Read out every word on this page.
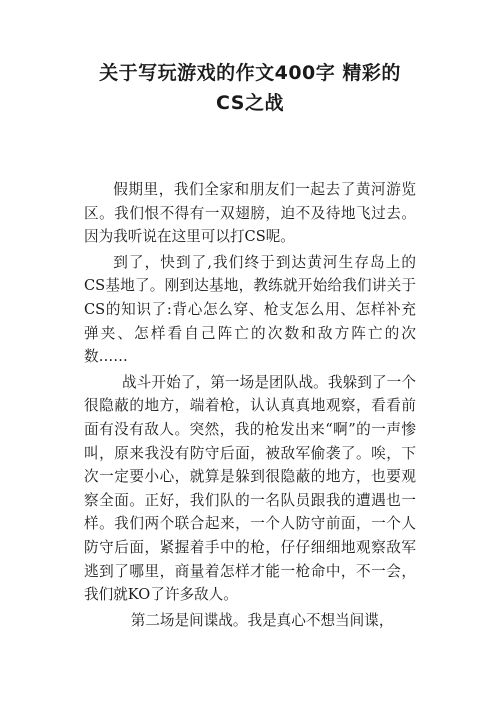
关于写玩游戏的作文400字 精彩的
CS之战

假期里，我们全家和朋友们一起去了黄河游览区。我们恨不得有一双翅膀，迫不及待地飞过去。因为我听说在这里可以打CS呢。

到了，快到了,我们终于到达黄河生存岛上的CS基地了。刚到达基地，教练就开始给我们讲关于CS的知识了:背心怎么穿、枪支怎么用、怎样补充弹夹、怎样看自己阵亡的次数和敌方阵亡的次数……

战斗开始了，第一场是团队战。我躲到了一个很隐蔽的地方，端着枪，认认真真地观察，看看前面有没有敌人。突然，我的枪发出来“啊”的一声惨叫，原来我没有防守后面，被敌军偷袭了。唉，下次一定要小心，就算是躲到很隐蔽的地方，也要观察全面。正好，我们队的一名队员跟我的遭遇也一样。我们两个联合起来，一个人防守前面，一个人防守后面，紧握着手中的枪，仔仔细细地观察敌军逃到了哪里，商量着怎样才能一枪命中，不一会，我们就KO了许多敌人。

第二场是间谍战。我是真心不想当间谍，
